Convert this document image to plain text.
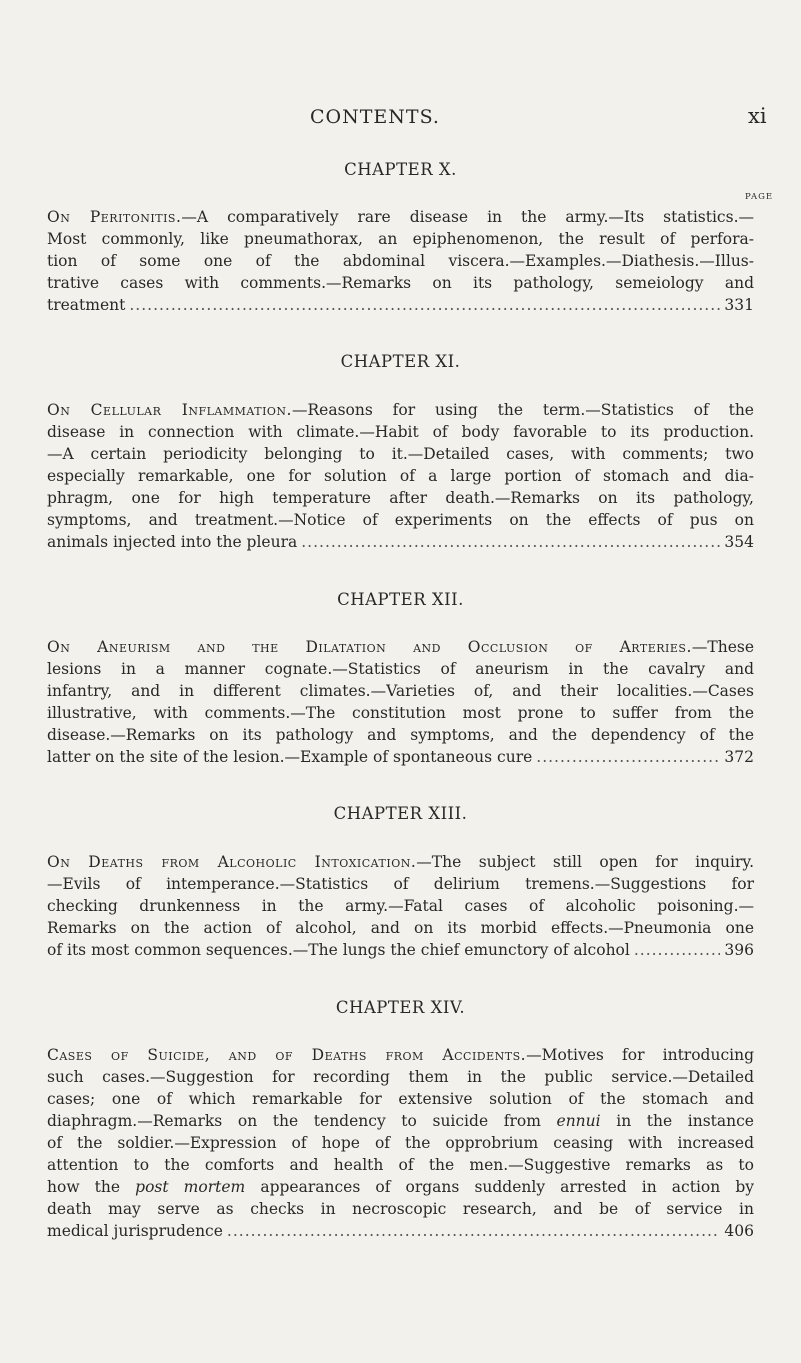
CONTENTS.	xi
CHAPTER X.
PAGE

On Peritonitis.—A comparatively rare disease in the army.—Its statistics.—
Most commonly, like pneumathorax, an epiphenomenon, the result of perfora-
tion of some one of the abdominal viscera.—Examples.—Diathesis.—Illus-
trative cases with comments.—Remarks on its pathology, semeiology and
treatment .....	331

CHAPTER XI.

On Cellular Inflammation.—Reasons for using the term.—Statistics of the
disease in connection with climate.—Habit of body favorable to its production.
—A certain periodicity belonging to it.—Detailed cases, with comments; two
especially remarkable, one for solution of a large portion of stomach and dia-
phragm, one for high temperature after death.—Remarks on its pathology,
symptoms, and treatment.—Notice of experiments on the effects of pus on
animals injected into the pleura .....	354

CHAPTER XII.

On Aneurism and the Dilatation and Occlusion of Arteries.—These
lesions in a manner cognate.—Statistics of aneurism in the cavalry and
infantry, and in different climates.—Varieties of, and their localities.—Cases
illustrative, with comments.—The constitution most prone to suffer from the
disease.—Remarks on its pathology and symptoms, and the dependency of the
latter on the site of the lesion.—Example of spontaneous cure .....	372

CHAPTER XIII.

On Deaths from Alcoholic Intoxication.—The subject still open for inquiry.
—Evils of intemperance.—Statistics of delirium tremens.—Suggestions for
checking drunkenness in the army.—Fatal cases of alcoholic poisoning.—
Remarks on the action of alcohol, and on its morbid effects.—Pneumonia one
of its most common sequences.—The lungs the chief emunctory of alcohol .....	396

CHAPTER XIV.

Cases of Suicide, and of Deaths from Accidents.—Motives for introducing
such cases.—Suggestion for recording them in the public service.—Detailed
cases; one of which remarkable for extensive solution of the stomach and
diaphragm.—Remarks on the tendency to suicide from ennui in the instance
of the soldier.—Expression of hope of the opprobrium ceasing with increased
attention to the comforts and health of the men.—Suggestive remarks as to
how the post mortem appearances of organs suddenly arrested in action by
death may serve as checks in necroscopic research, and be of service in
medical jurisprudence .....	406
